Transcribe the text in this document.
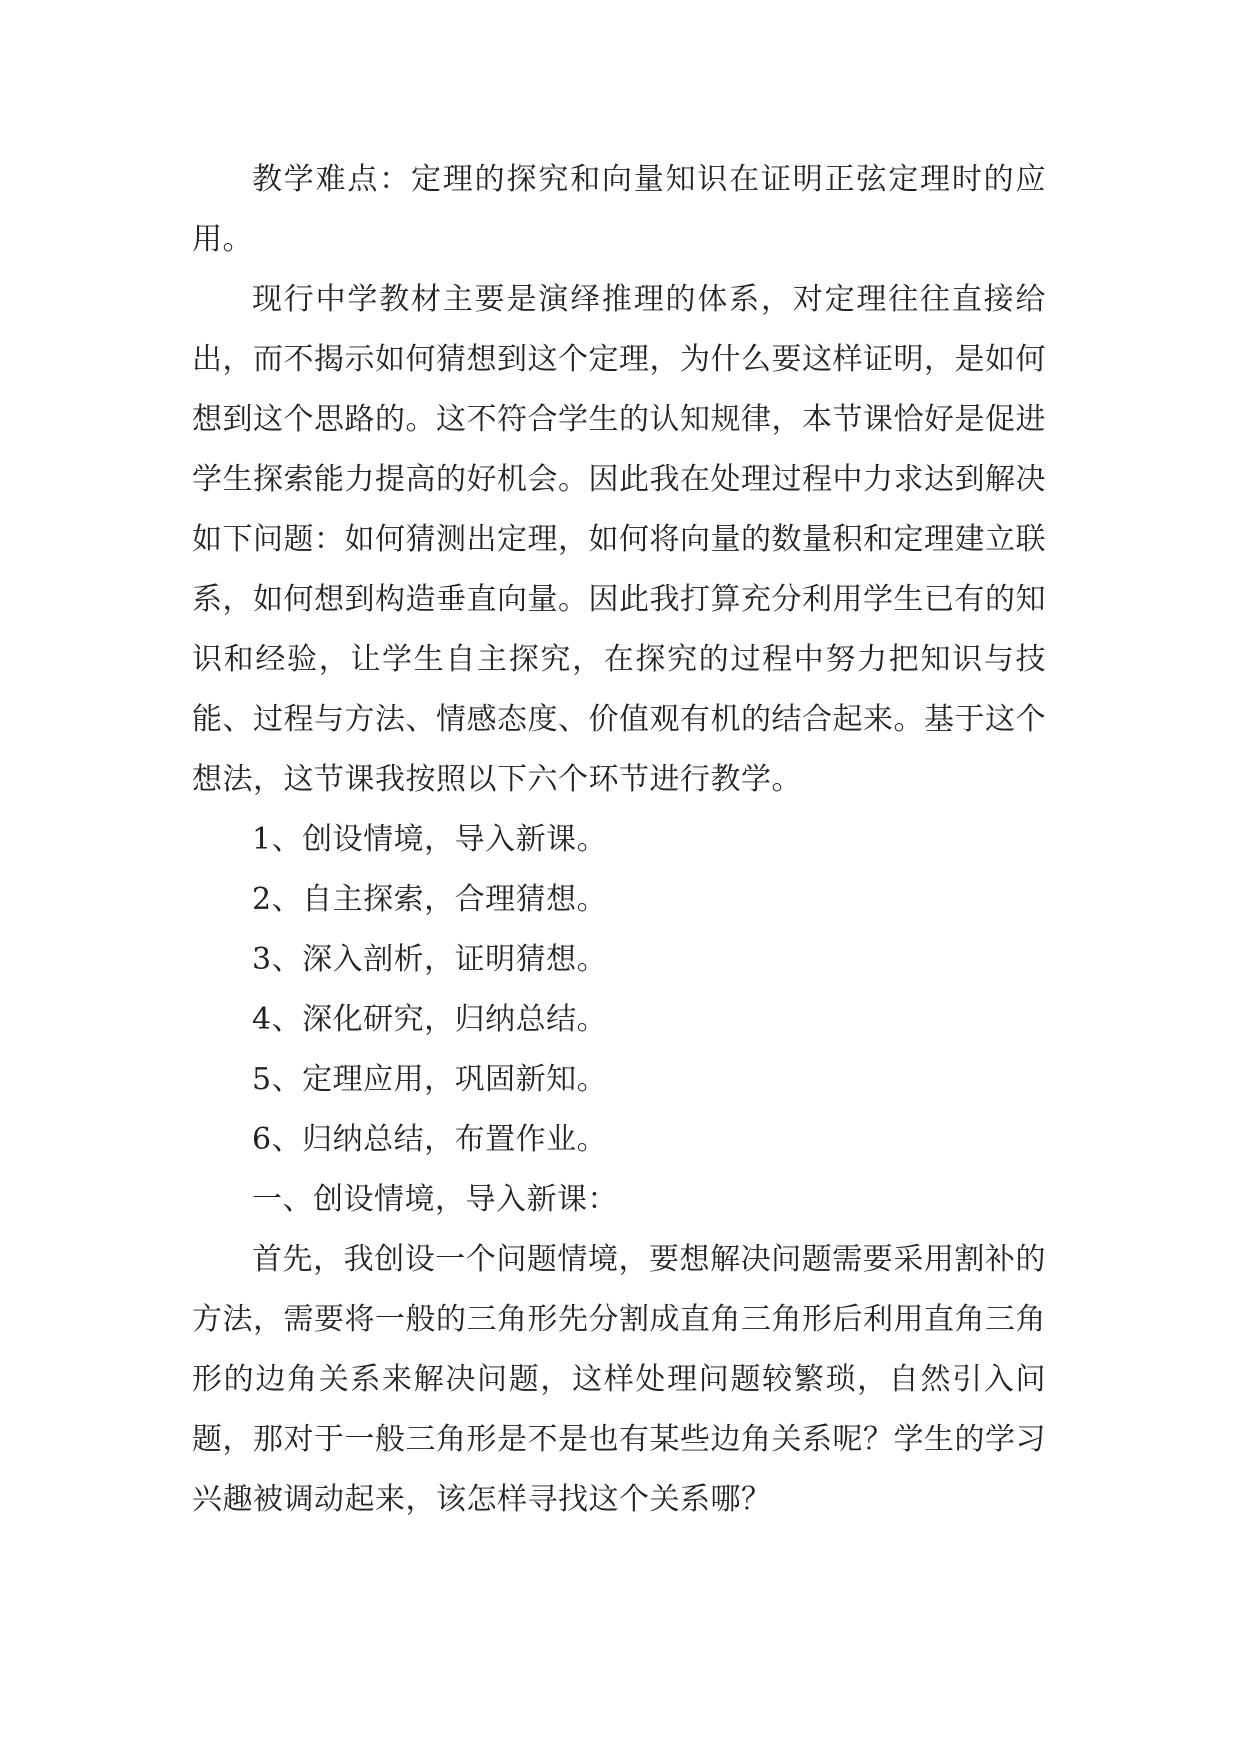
教学难点：定理的探究和向量知识在证明正弦定理时的应用。

现行中学教材主要是演绎推理的体系，对定理往往直接给出，而不揭示如何猜想到这个定理，为什么要这样证明，是如何想到这个思路的。这不符合学生的认知规律，本节课恰好是促进学生探索能力提高的好机会。因此我在处理过程中力求达到解决如下问题：如何猜测出定理，如何将向量的数量积和定理建立联系，如何想到构造垂直向量。因此我打算充分利用学生已有的知识和经验，让学生自主探究，在探究的过程中努力把知识与技能、过程与方法、情感态度、价值观有机的结合起来。基于这个想法，这节课我按照以下六个环节进行教学。

1、创设情境，导入新课。

2、自主探索，合理猜想。

3、深入剖析，证明猜想。

4、深化研究，归纳总结。

5、定理应用，巩固新知。

6、归纳总结，布置作业。

一、创设情境，导入新课：

首先，我创设一个问题情境，要想解决问题需要采用割补的方法，需要将一般的三角形先分割成直角三角形后利用直角三角形的边角关系来解决问题，这样处理问题较繁琐，自然引入问题，那对于一般三角形是不是也有某些边角关系呢？学生的学习兴趣被调动起来，该怎样寻找这个关系哪？
